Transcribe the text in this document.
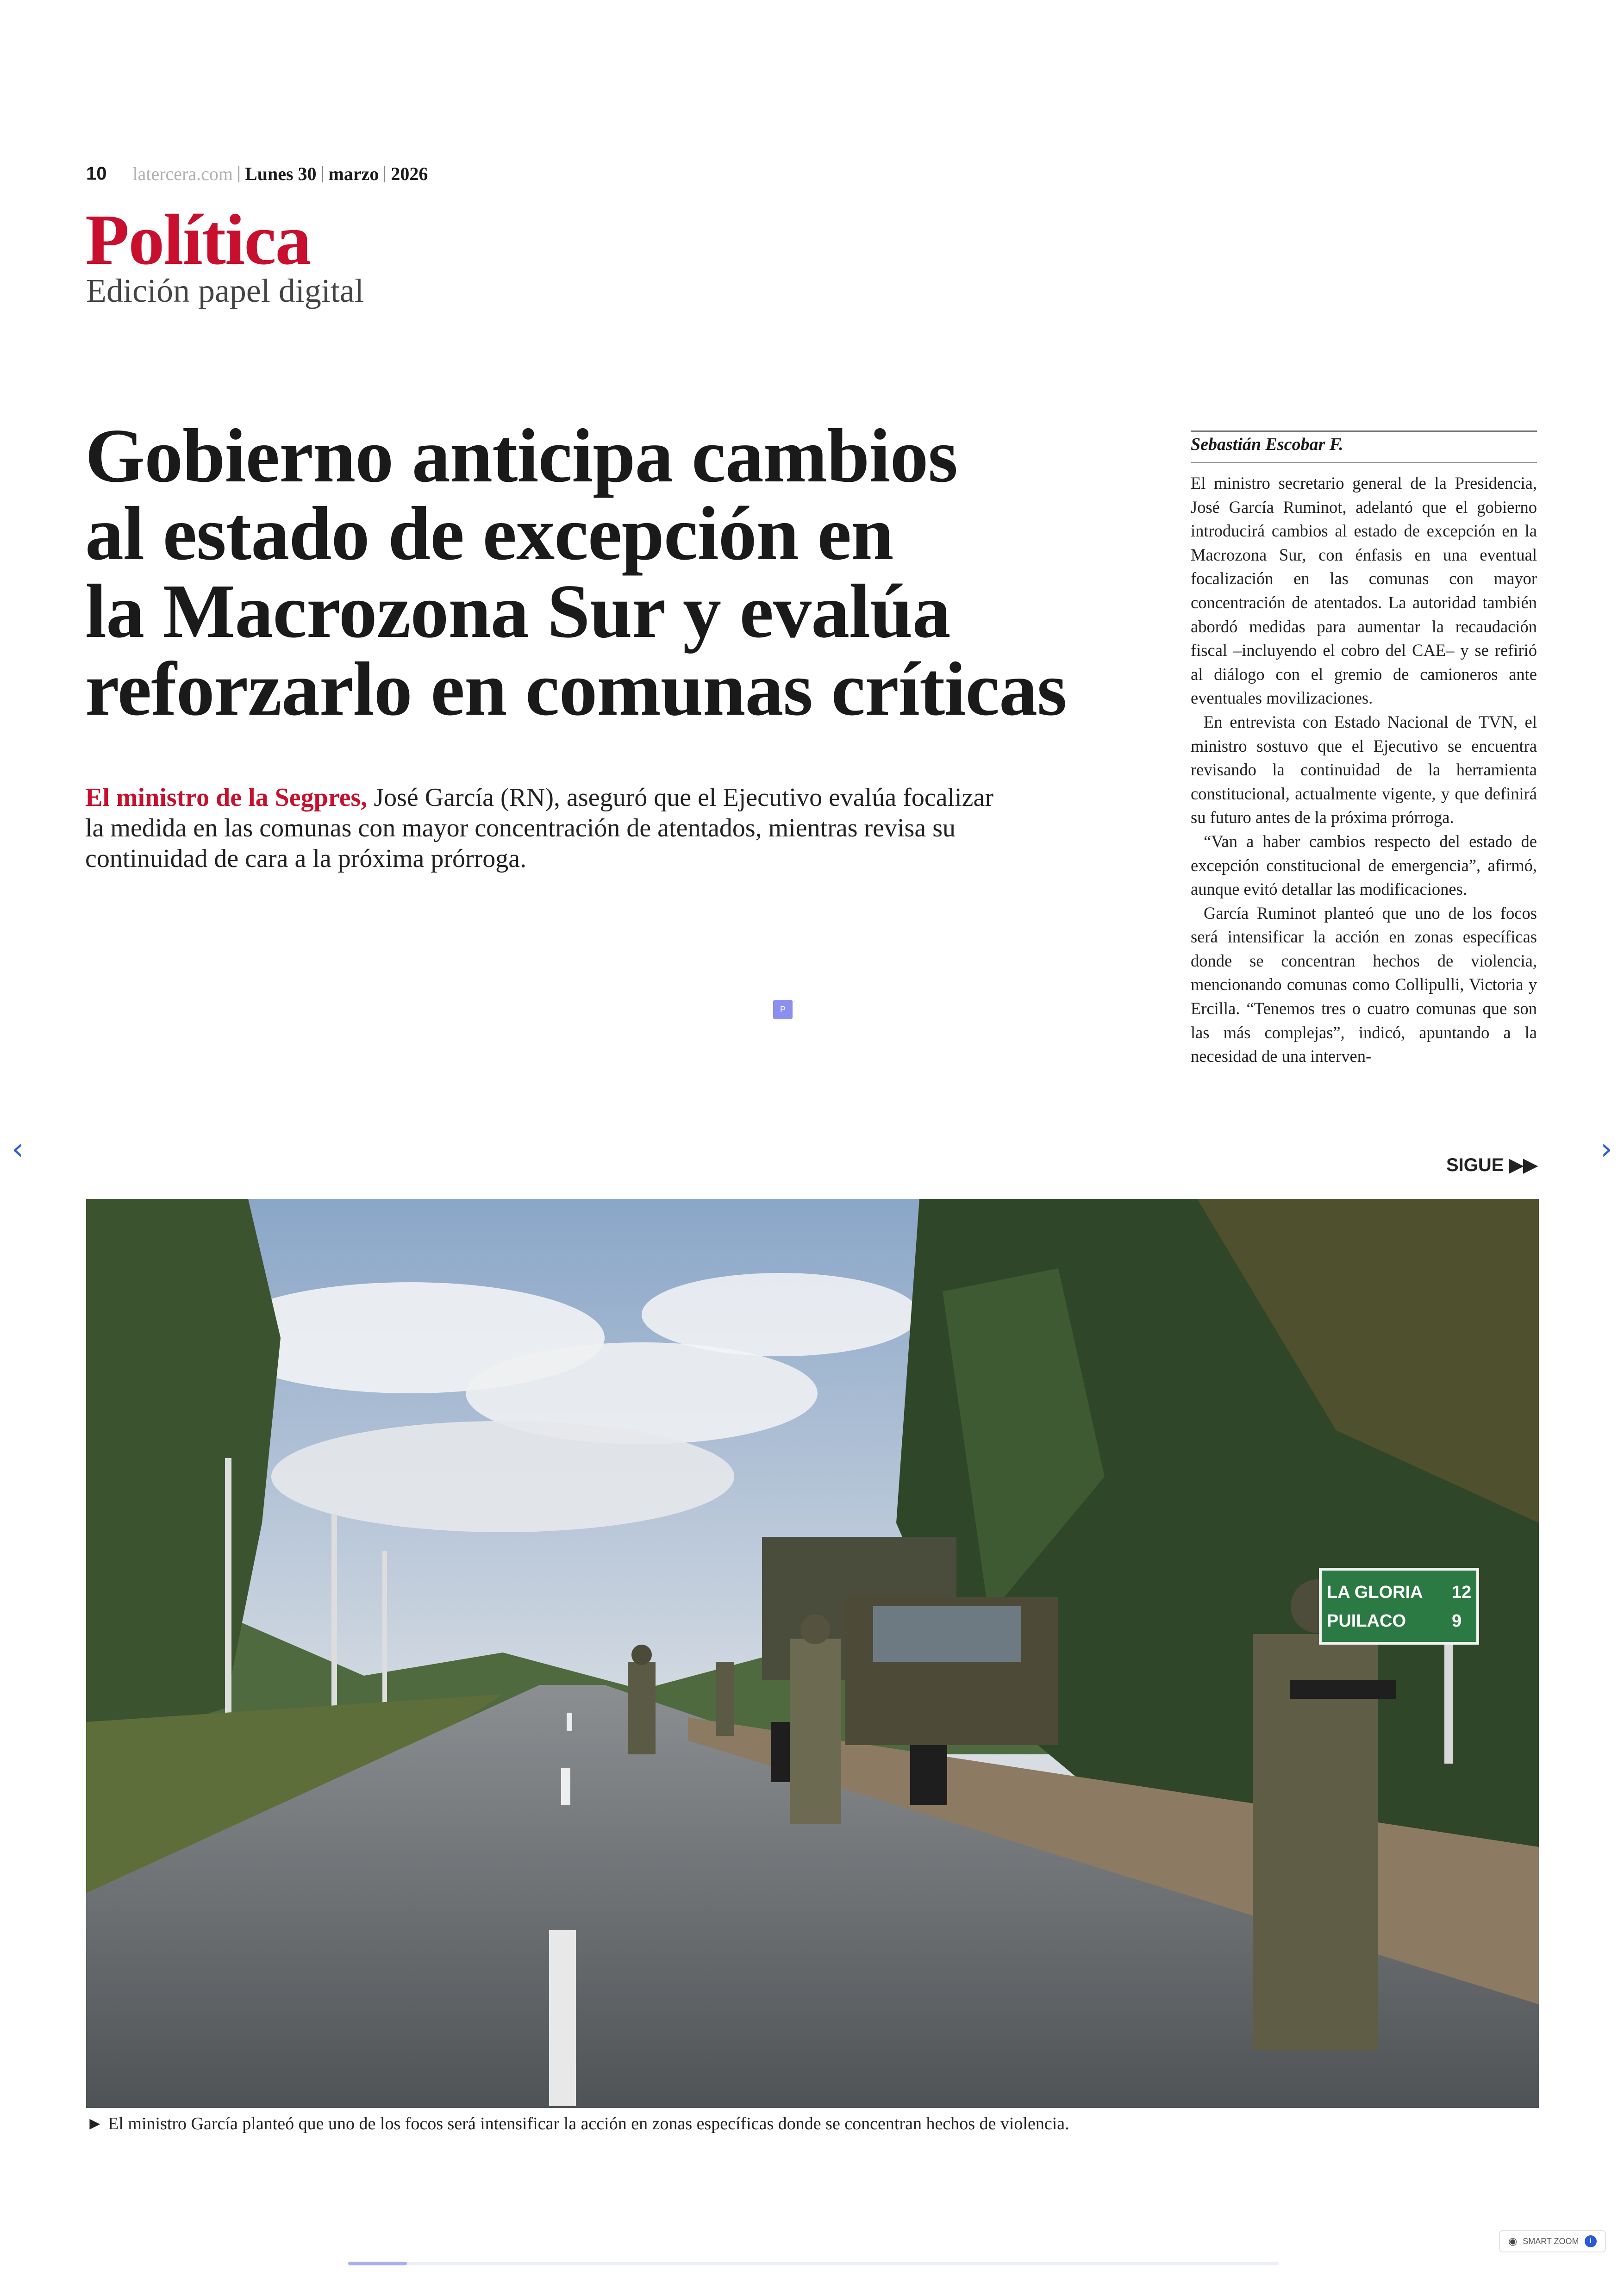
10 latercera.com Lunes 30 marzo 2026
Política
Edición papel digital
Gobierno anticipa cambios
al estado de excepción en
la Macrozona Sur y evalúa
reforzarlo en comunas críticas
El ministro de la Segpres, José García (RN), aseguró que el Ejecutivo evalúa focalizar la medida en las comunas con mayor concentración de atentados, mientras revisa su continuidad de cara a la próxima prórroga.
P
Sebastián Escobar F.

El ministro secretario general de la Presidencia, José García Ruminot, adelantó que el gobierno introducirá cambios al estado de excepción en la Macrozona Sur, con énfasis en una eventual focalización en las comunas con mayor concentración de atentados. La autoridad también abordó medidas para aumentar la recaudación fiscal –incluyendo el cobro del CAE– y se refirió al diálogo con el gremio de camioneros ante eventuales movilizaciones.

En entrevista con Estado Nacional de TVN, el ministro sostuvo que el Ejecutivo se encuentra revisando la continuidad de la herramienta constitucional, actualmente vigente, y que definirá su futuro antes de la próxima prórroga.

“Van a haber cambios respecto del estado de excepción constitucional de emergencia”, afirmó, aunque evitó detallar las modificaciones.

García Ruminot planteó que uno de los focos será intensificar la acción en zonas específicas donde se concentran hechos de violencia, mencionando comunas como Collipulli, Victoria y Ercilla. “Tenemos tres o cuatro comunas que son las más complejas”, indicó, apuntando a la necesidad de una interven-

SIGUE ▶▶
‹	›
LA GLORIA 12
PUILACO	9
► El ministro García planteó que uno de los focos será intensificar la acción en zonas específicas donde se concentran hechos de violencia.
◉ SMART ZOOM	i
